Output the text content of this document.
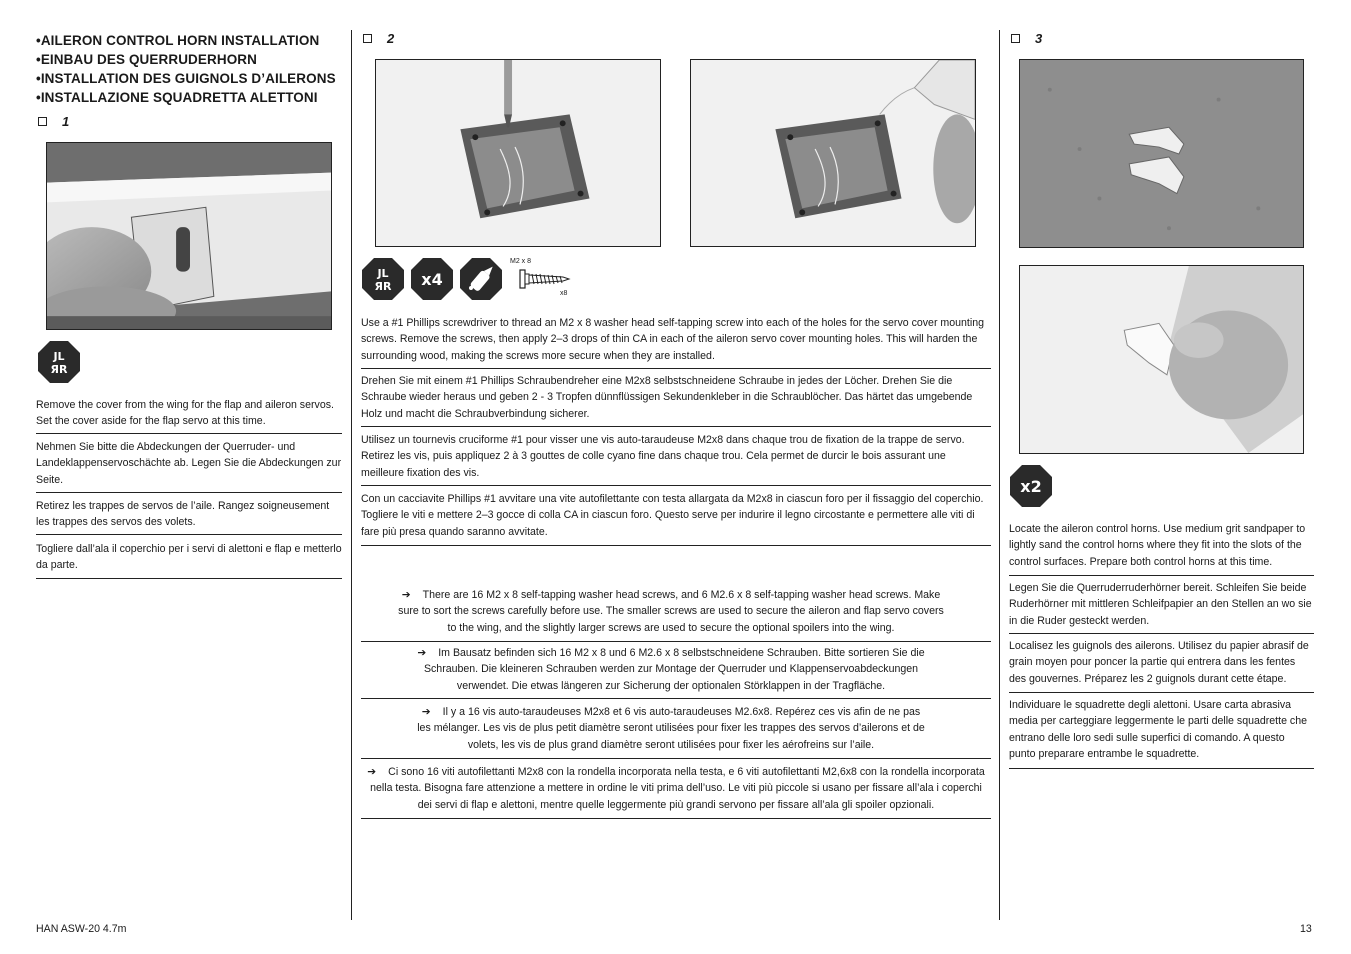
•AILERON CONTROL HORN INSTALLATION
•EINBAU DES QUERRUDERHORN
•INSTALLATION DES GUIGNOLS D’AILERONS
•INSTALLAZIONE SQUADRETTA ALETTONI
1
JL
ЯR
Remove the cover from the wing for the flap and aileron servos. Set the cover aside for the flap servo at this time.
Nehmen Sie bitte die Abdeckungen der Querruder- und Landeklappenservoschächte ab. Legen Sie die Abdeckungen zur Seite.
Retirez les trappes de servos de l’aile. Rangez soigneusement les trappes des servos des volets.
Togliere dall’ala il coperchio per i servi di alettoni e flap e metterlo da parte.
2
JL
ЯR x4
M2 x 8
x8
Use a #1 Phillips screwdriver to thread an M2 x 8 washer head self-tapping screw into each of the holes for the servo cover mounting screws. Remove the screws, then apply 2–3 drops of thin CA in each of the aileron servo cover mounting holes. This will harden the surrounding wood, making the screws more secure when they are installed.
Drehen Sie mit einem #1 Phillips Schraubendreher eine M2x8 selbstschneidene Schraube in jedes der Löcher. Drehen Sie die Schraube wieder heraus und geben 2 - 3 Tropfen dünnflüssigen Sekundenkleber in die Schraublöcher. Das härtet das umgebende Holz und macht die Schraubverbindung sicherer.
Utilisez un tournevis cruciforme #1 pour visser une vis auto-taraudeuse M2x8 dans chaque trou de fixation de la trappe de servo. Retirez les vis, puis appliquez 2 à 3 gouttes de colle cyano fine dans chaque trou. Cela permet de durcir le bois assurant une meilleure fixation des vis.
Con un cacciavite Phillips #1 avvitare una vite autofilettante con testa allargata da M2x8 in ciascun foro per il fissaggio del coperchio. Togliere le viti e mettere 2–3 gocce di colla CA in ciascun foro. Questo serve per indurire il legno circostante e permettere alle viti di fare più presa quando saranno avvitate.
➔ There are 16 M2 x 8 self-tapping washer head screws, and 6 M2.6 x 8 self-tapping washer head screws. Make sure to sort the screws carefully before use. The smaller screws are used to secure the aileron and flap servo covers to the wing, and the slightly larger screws are used to secure the optional spoilers into the wing.
➔ Im Bausatz befinden sich 16 M2 x 8 und 6 M2.6 x 8 selbstschneidene Schrauben. Bitte sortieren Sie die Schrauben. Die kleineren Schrauben werden zur Montage der Querruder und Klappenservoabdeckungen verwendet. Die etwas längeren zur Sicherung der optionalen Störklappen in der Tragfläche.
➔ Il y a 16 vis auto-taraudeuses M2x8 et 6 vis auto-taraudeuses M2.6x8. Repérez ces vis afin de ne pas les mélanger. Les vis de plus petit diamètre seront utilisées pour fixer les trappes des servos d’ailerons et de volets, les vis de plus grand diamètre seront utilisées pour fixer les aérofreins sur l’aile.
➔ Ci sono 16 viti autofilettanti M2x8 con la rondella incorporata nella testa, e 6 viti autofilettanti M2,6x8 con la rondella incorporata nella testa. Bisogna fare attenzione a mettere in ordine le viti prima dell’uso. Le viti più piccole si usano per fissare all’ala i coperchi dei servi di flap e alettoni, mentre quelle leggermente più grandi servono per fissare all’ala gli spoiler opzionali.
3
x2
Locate the aileron control horns. Use medium grit sandpaper to lightly sand the control horns where they fit into the slots of the control surfaces. Prepare both control horns at this time.
Legen Sie die Querruderruderhörner bereit. Schleifen Sie beide Ruderhörner mit mittleren Schleifpapier an den Stellen an wo sie in die Ruder gesteckt werden.
Localisez les guignols des ailerons. Utilisez du papier abrasif de grain moyen pour poncer la partie qui entrera dans les fentes des gouvernes. Préparez les 2 guignols durant cette étape.
Individuare le squadrette degli alettoni. Usare carta abrasiva media per carteggiare leggermente le parti delle squadrette che entrano delle loro sedi sulle superfici di comando. A questo punto preparare entrambe le squadrette.
HAN ASW-20 4.7m	13
